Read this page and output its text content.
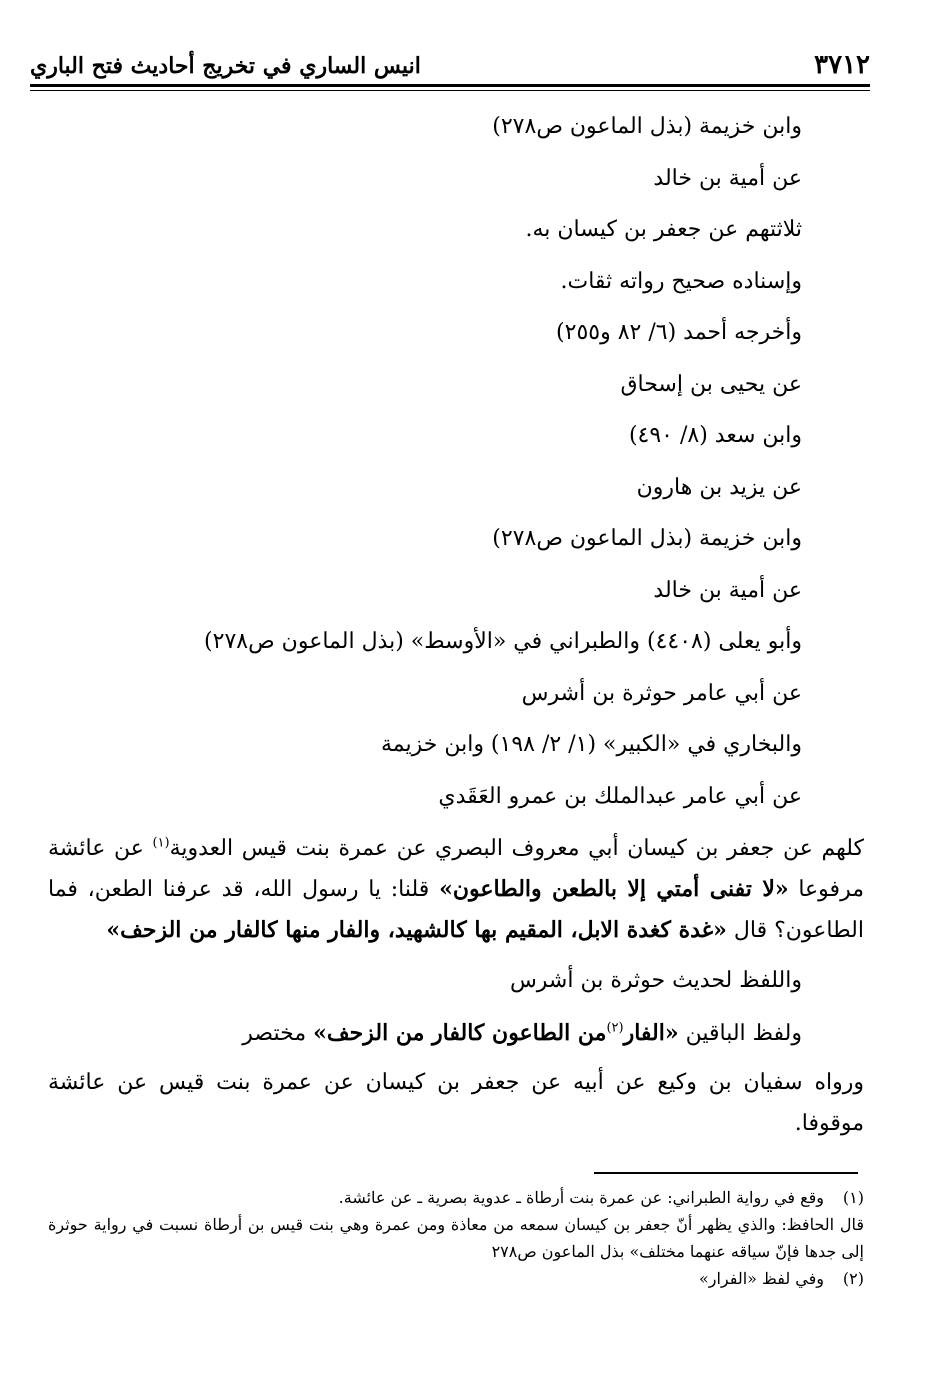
٣٧١٢
انيس الساري في تخريج أحاديث فتح الباري
وابن خزيمة (بذل الماعون ص٢٧٨)
عن أمية بن خالد
ثلاثتهم عن جعفر بن كيسان به.
وإسناده صحيح رواته ثقات.
وأخرجه أحمد (٦/ ٨٢ و٢٥٥)
عن يحيى بن إسحاق
وابن سعد (٨/ ٤٩٠)
عن يزيد بن هارون
وابن خزيمة (بذل الماعون ص٢٧٨)
عن أمية بن خالد
وأبو يعلى (٤٤٠٨) والطبراني في «الأوسط» (بذل الماعون ص٢٧٨)
عن أبي عامر حوثرة بن أشرس
والبخاري في «الكبير» (١/ ٢/ ١٩٨) وابن خزيمة
عن أبي عامر عبدالملك بن عمرو العَقَدي
كلهم عن جعفر بن كيسان أبي معروف البصري عن عمرة بنت قيس العدوية$^{(١)}$ عن عائشة مرفوعا «لا تفنى أمتي إلا بالطعن والطاعون» قلنا: يا رسول الله، قد عرفنا الطعن، فما الطاعون؟ قال «غدة كغدة الابل، المقيم بها كالشهيد، والفار منها كالفار من الزحف»
واللفظ لحديث حوثرة بن أشرس
ولفظ الباقين «الفار$^{(٢)}$من الطاعون كالفار من الزحف» مختصر
ورواه سفيان بن وكيع عن أبيه عن جعفر بن كيسان عن عمرة بنت قيس عن عائشة موقوفا.
(١)
وقع في رواية الطبراني: عن عمرة بنت أرطاة ـ عدوية بصرية ـ عن عائشة.
قال الحافظ: والذي يظهر أنّ جعفر بن كيسان سمعه من معاذة ومن عمرة وهي بنت قيس بن أرطاة نسبت في رواية حوثرة إلى جدها فإنّ سياقه عنهما مختلف» بذل الماعون ص٢٧٨
(٢)
وفي لفظ «الفرار»
